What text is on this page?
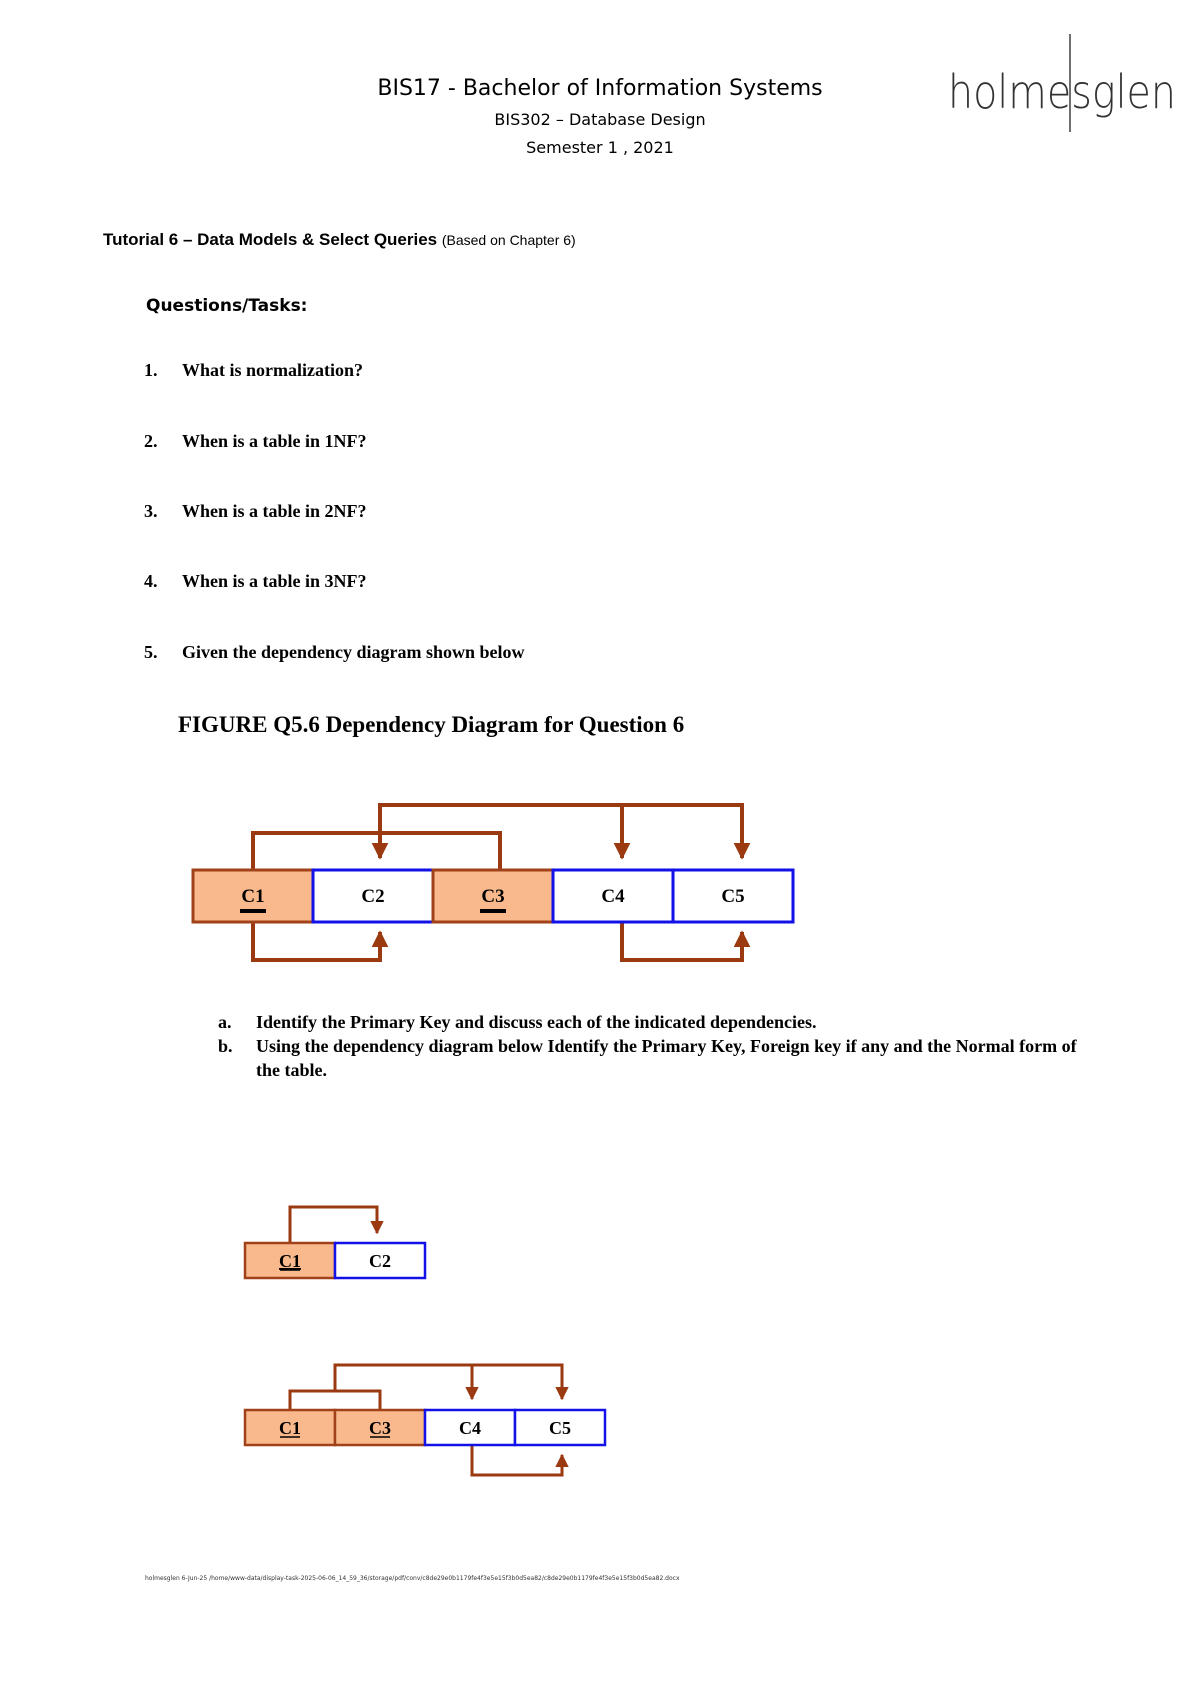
BIS17 - Bachelor of Information Systems
BIS302 – Database Design
Semester 1 , 2021
holmesglen
Tutorial 6 – Data Models & Select Queries (Based on Chapter 6)
Questions/Tasks:
1. What is normalization?
2. When is a table in 1NF?
3. When is a table in 2NF?
4. When is a table in 3NF?
5. Given the dependency diagram shown below
FIGURE Q5.6 Dependency Diagram for Question 6
C1	C2	C3	C4	C5
a.	Identify the Primary Key and discuss each of the indicated dependencies.
b.	Using the dependency diagram below Identify the Primary Key, Foreign key if any and the Normal form of the table.
C1	C2
C1	C3	C4	C5
holmesglen 6-Jun-25 /home/www-data/display-task-2025-06-06_14_59_36/storage/pdf/conv/c8de29e0b1179fe4f3e5e15f3b0d5ea82/c8de29e0b1179fe4f3e5e15f3b0d5ea82.docx
